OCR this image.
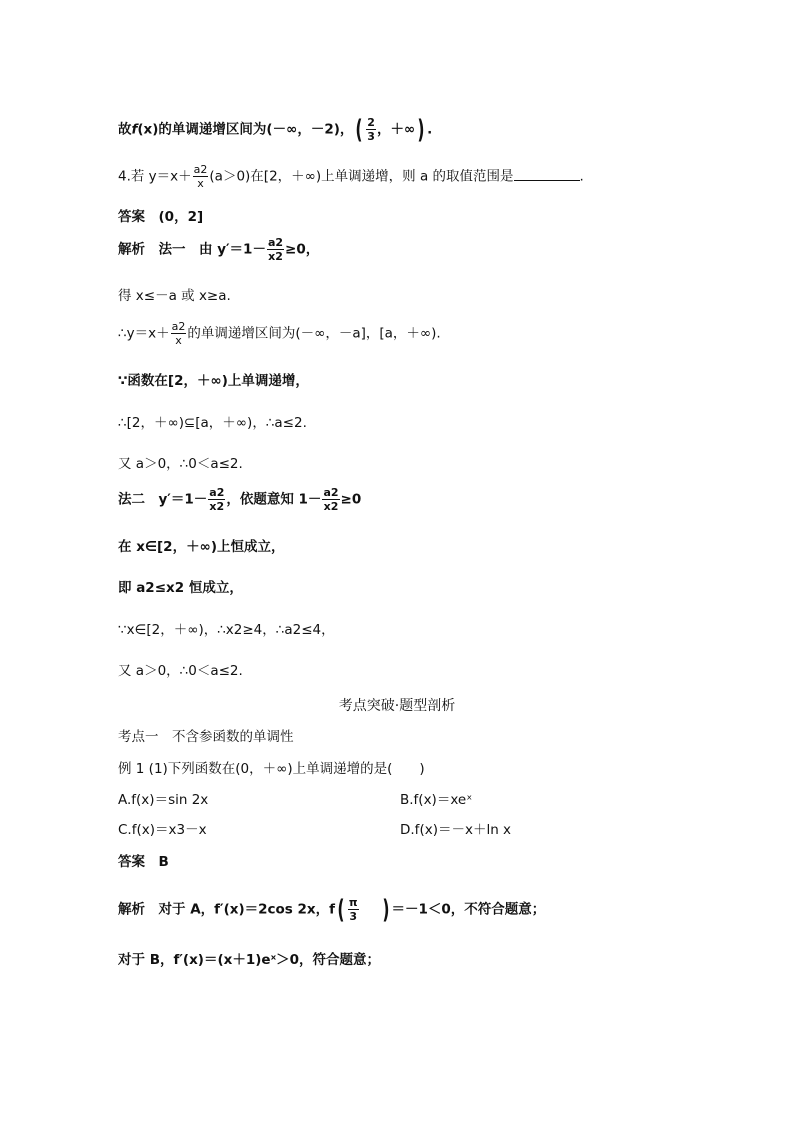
故f(x)的单调递增区间为(－∞，－2)，( $\frac{2}{3}$ ，＋∞) .
4.若 $y=x+ \frac{a2}{x} (a>0)$在[2，＋∞)上单调递增，则 a 的取值范围是	.
答案　(0，2]
解析　法一　由 $y'=1- \frac{a2}{x2} \ge 0$，
得 x≤－a 或 x≥a.
∴y＝x＋ $\frac{a2}{x}$ 的单调递增区间为(－∞，－a]，[a，＋∞).
∵函数在[2，＋∞)上单调递增，
∴[2，＋∞)⊆[a，＋∞)，∴a≤2.
又 a＞0，∴0＜a≤2.
法二　$y'=1- \frac{a2}{x2}$ ，依题意知 $1- \frac{a2}{x2} \ge 0$
在 x∈[2，＋∞)上恒成立，
即 a2≤x2 恒成立，
∵x∈[2，＋∞)，∴x2≥4，∴a2≤4，
又 a＞0，∴0＜a≤2.
考点突破·题型剖析
考点一　不含参函数的单调性
例 1 (1)下列函数在(0，＋∞)上单调递增的是(　　)
A.f(x)＝sin 2x	B.f(x)＝xeˣ
C.f(x)＝x3－x	D.f(x)＝－x＋ln x
答案　B
解析　对于 A，f′(x)＝2cos 2x，$f( \frac{\pi}{3}$ ) ＝－1＜0，不符合题意；
对于 B，f′(x)＝(x＋1)eˣ＞0，符合题意；
